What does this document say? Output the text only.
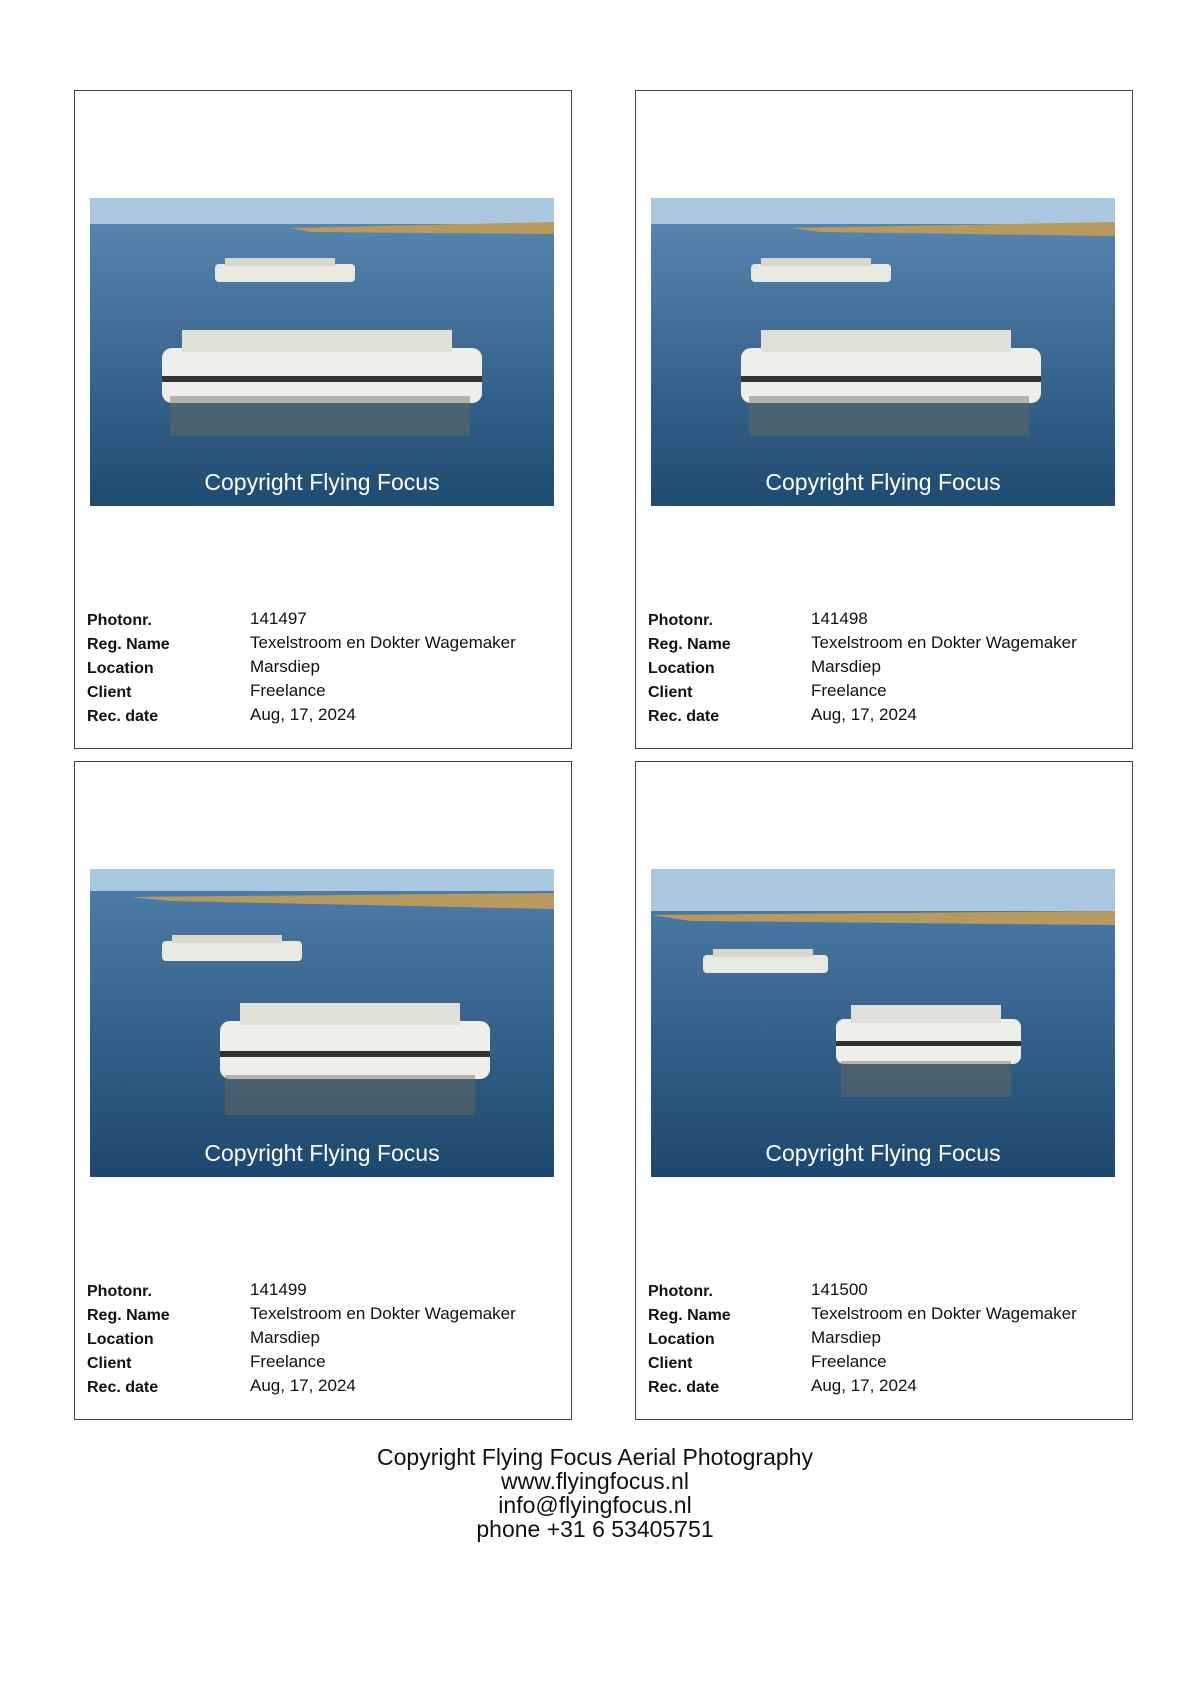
Copyright Flying Focus
Photonr.	141497
Reg. Name	Texelstroom en Dokter Wagemaker
Location	Marsdiep
Client	Freelance
Rec. date	Aug, 17, 2024
Copyright Flying Focus
Photonr.	141498
Reg. Name	Texelstroom en Dokter Wagemaker
Location	Marsdiep
Client	Freelance
Rec. date	Aug, 17, 2024
Copyright Flying Focus
Photonr.	141499
Reg. Name	Texelstroom en Dokter Wagemaker
Location	Marsdiep
Client	Freelance
Rec. date	Aug, 17, 2024
Copyright Flying Focus
Photonr.	141500
Reg. Name	Texelstroom en Dokter Wagemaker
Location	Marsdiep
Client	Freelance
Rec. date	Aug, 17, 2024
Copyright Flying Focus Aerial Photography
www.flyingfocus.nl
info@flyingfocus.nl
phone +31 6 53405751
